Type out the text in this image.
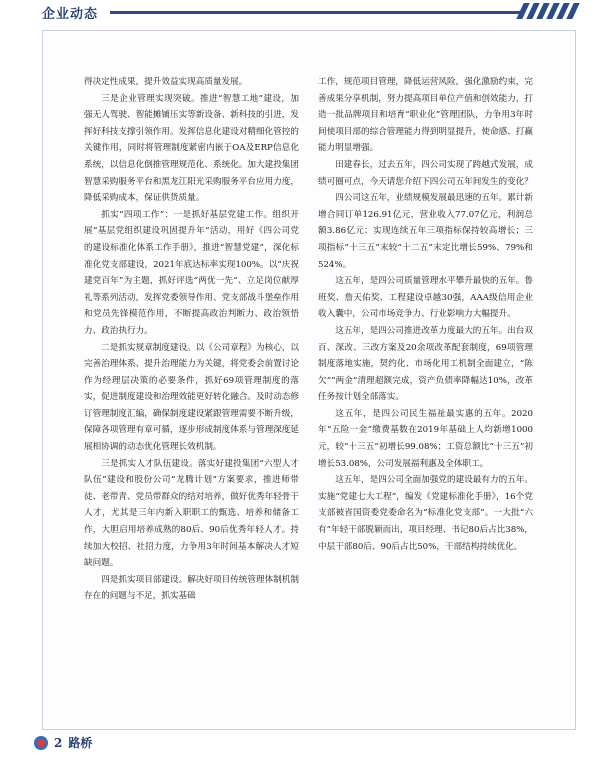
企业动态

得决定性成果，提升效益实现高质量发展。

三是企业管理实现突破。推进“智慧工地”建设，加强无人驾驶、智能摊铺压实等新设备、新科技的引进，发挥好科技支撑引领作用。发挥信息化建设对精细化管控的关键作用，同时将管理制度紧密内嵌于OA及ERP信息化系统，以信息化倒推管理规范化、系统化。加大建投集团智慧采购服务平台和黑龙江阳光采购服务平台应用力度，降低采购成本，保证供货质量。

抓实“四项工作”：一是抓好基层党建工作。组织开展“基层党组织建设巩固提升年”活动，用好《四公司党的建设标准化体系工作手册》，推进“智慧党建”，深化标准化党支部建设，2021年底达标率实现100%。以“庆祝建党百年”为主题，抓好评选“两优一先”、立足岗位献厚礼等系列活动，发挥党委领导作用、党支部战斗堡垒作用和党员先锋模范作用，不断提高政治判断力、政治领悟力、政治执行力。

二是抓实规章制度建设。以《公司章程》为核心，以完善治理体系、提升治理能力为关键，将党委会前置讨论作为经理层决策的必要条件，抓好69项管理制度的落实，促进制度建设和治理效能更好转化融合。及时动态修订管理制度汇编，确保制度建设紧跟管理需要不断升级，保障各项管理有章可循，逐步形成制度体系与管理深度延展相协调的动态优化管理长效机制。

三是抓实人才队伍建设。落实好建投集团“六型人才队伍”建设和股份公司“龙腾计划”方案要求，推进师带徒、老带青、党员带群众的结对培养，做好优秀年轻骨干人才，尤其是三年内新入职职工的甄选、培养和储备工作，大胆启用培养成熟的80后、90后优秀年轻人才。持续加大校招、社招力度，力争用3年时间基本解决人才短缺问题。

四是抓实项目部建设。解决好项目传统管理体制机制存在的问题与不足，抓实基础

工作，规范项目管理，降低运营风险，强化激励约束，完善成果分享机制，努力提高项目单位产值和创效能力，打造一批品牌项目和培育“职业化”管理团队，力争用3年时间使项目部的综合管理能力得到明显提升，使命感、打赢能力明显增强。

田建春长，过去五年，四公司实现了跨越式发展，成绩可圈可点，今天请您介绍下四公司五年间发生的变化？

四公司这五年，业绩规模发展最迅速的五年。累计新增合同订单126.91亿元，营业收入77.07亿元，利润总额3.86亿元；实现连续五年三项指标保持较高增长；三项指标“十三五”末较“十二五”末定比增长59%、79%和524%。

这五年，是四公司质量管理水平攀升最快的五年。鲁班奖、詹天佑奖、工程建设卓越30强，AAA级信用企业收入囊中，公司市场竞争力、行业影响力大幅提升。

这五年，是四公司推进改革力度最大的五年。出台双百、深改、三改方案及20余项改革配套制度，69项管理制度落地实施，契约化、市场化用工机制全面建立，“陈欠”“两金”清理超额完成，资产负债率降幅达10%，改革任务按计划全部落实。

这五年，是四公司民生福祉最实惠的五年。2020年“五险一金”缴费基数在2019年基础上人均新增1000元，较“十三五”初增长99.08%；工资总额比“十三五”初增长53.08%，公司发展福利惠及全体职工。

这五年，是四公司全面加强党的建设最有力的五年。实施“党建七大工程”，编发《党建标准化手册》，16个党支部被省国资委党委命名为“标准化党支部”。一大批“六有”年轻干部脱颖而出，项目经理、书记80后占比38%，中层干部80后、90后占比50%，干部结构持续优化。

2 路桥
